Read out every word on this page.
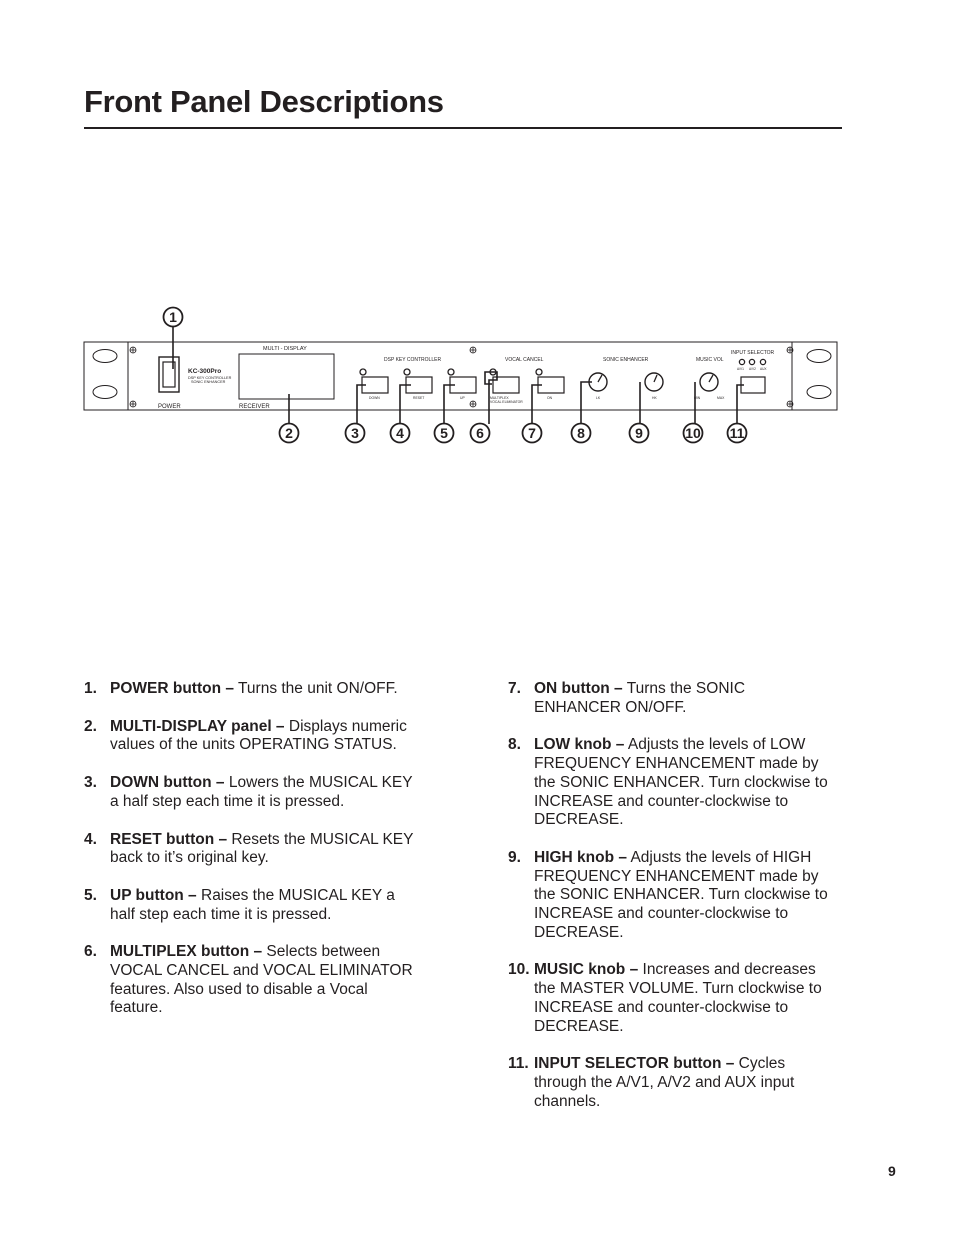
Front Panel Descriptions
KC-300Pro
DSP KEY CONTROLLER
SONIC ENHANCER
POWER
MULTI - DISPLAY
RECEIVER
DSP KEY CONTROLLER	VOCAL CANCEL	SONIC ENHANCER	MUSIC VOL
INPUT SELECTOR
A/V1 A/V2 AUX
DOWN	RESET	UP	MULTIPLEX
VOCAL ELIMINATOR
ON	LK	HK	MIN	MAX
1
2	3	4	5 6	7	8	9	10 11
1. POWER button – Turns the unit ON/OFF.
2. MULTI-DISPLAY panel – Displays numeric values of the units OPERATING STATUS.
3. DOWN button – Lowers the MUSICAL KEY a half step each time it is pressed.
4. RESET button – Resets the MUSICAL KEY back to it’s original key.
5. UP button – Raises the MUSICAL KEY a half step each time it is pressed.
6. MULTIPLEX button – Selects between VOCAL CANCEL and VOCAL ELIMINATOR features. Also used to disable a Vocal feature.
7. ON button – Turns the SONIC ENHANCER ON/OFF.
8. LOW knob – Adjusts the levels of LOW FREQUENCY ENHANCEMENT made by the SONIC ENHANCER. Turn clockwise to INCREASE and counter-clockwise to DECREASE.
9. HIGH knob – Adjusts the levels of HIGH FREQUENCY ENHANCEMENT made by the SONIC ENHANCER. Turn clockwise to INCREASE and counter-clockwise to DECREASE.
10. MUSIC knob – Increases and decreases the MASTER VOLUME. Turn clockwise to INCREASE and counter-clockwise to DECREASE.
11. INPUT SELECTOR button – Cycles through the A/V1, A/V2 and AUX input channels.
9
